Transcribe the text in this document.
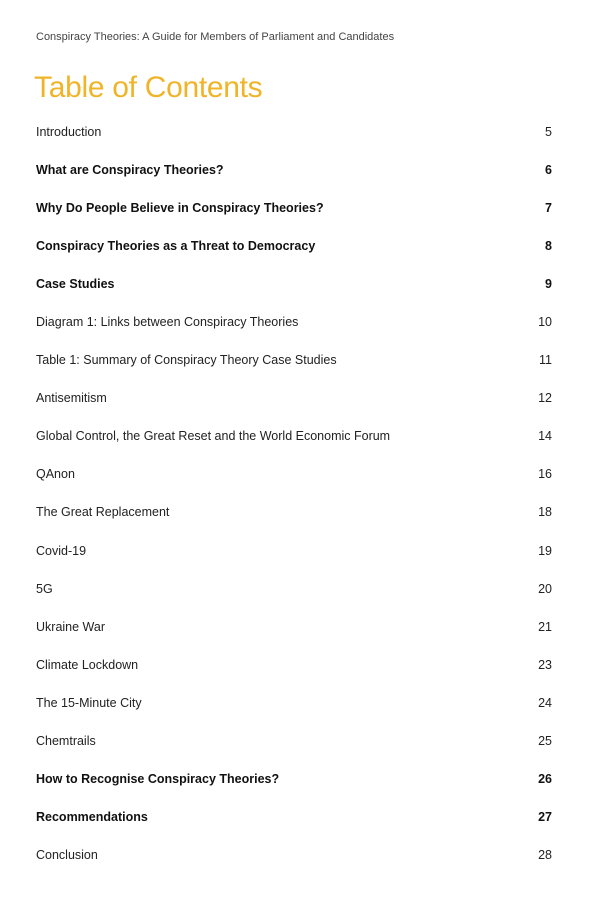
Conspiracy Theories: A Guide for Members of Parliament and Candidates
Table of Contents
Introduction	5
What are Conspiracy Theories?	6
Why Do People Believe in Conspiracy Theories?	7
Conspiracy Theories as a Threat to Democracy	8
Case Studies	9
Diagram 1: Links between Conspiracy Theories	10
Table 1: Summary of Conspiracy Theory Case Studies	11
Antisemitism	12
Global Control, the Great Reset and the World Economic Forum	14
QAnon	16
The Great Replacement	18
Covid-19	19
5G	20
Ukraine War	21
Climate Lockdown	23
The 15-Minute City	24
Chemtrails	25
How to Recognise Conspiracy Theories?	26
Recommendations	27
Conclusion	28
